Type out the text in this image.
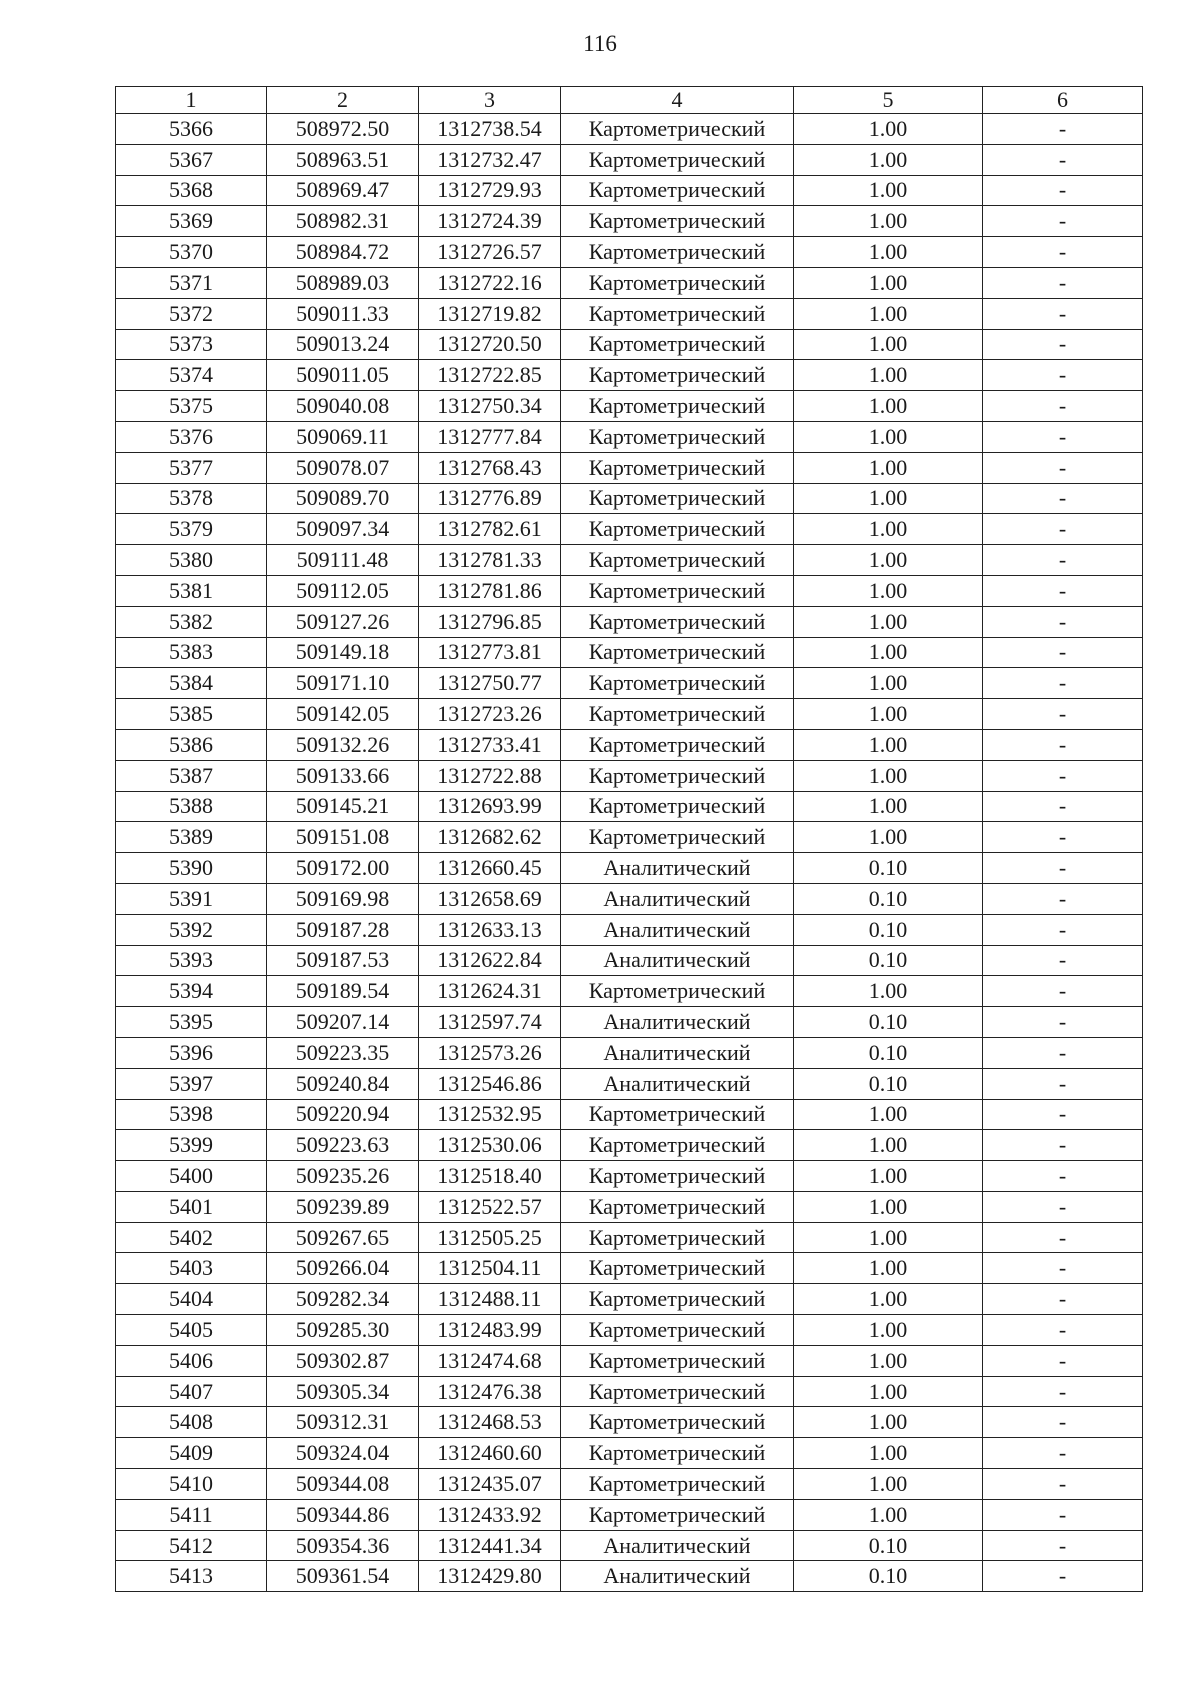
116
1	2	3	4	5	6
5366	508972.50	1312738.54	Картометрический	1.00	-
5367	508963.51	1312732.47	Картометрический	1.00	-
5368	508969.47	1312729.93	Картометрический	1.00	-
5369	508982.31	1312724.39	Картометрический	1.00	-
5370	508984.72	1312726.57	Картометрический	1.00	-
5371	508989.03	1312722.16	Картометрический	1.00	-
5372	509011.33	1312719.82	Картометрический	1.00	-
5373	509013.24	1312720.50	Картометрический	1.00	-
5374	509011.05	1312722.85	Картометрический	1.00	-
5375	509040.08	1312750.34	Картометрический	1.00	-
5376	509069.11	1312777.84	Картометрический	1.00	-
5377	509078.07	1312768.43	Картометрический	1.00	-
5378	509089.70	1312776.89	Картометрический	1.00	-
5379	509097.34	1312782.61	Картометрический	1.00	-
5380	509111.48	1312781.33	Картометрический	1.00	-
5381	509112.05	1312781.86	Картометрический	1.00	-
5382	509127.26	1312796.85	Картометрический	1.00	-
5383	509149.18	1312773.81	Картометрический	1.00	-
5384	509171.10	1312750.77	Картометрический	1.00	-
5385	509142.05	1312723.26	Картометрический	1.00	-
5386	509132.26	1312733.41	Картометрический	1.00	-
5387	509133.66	1312722.88	Картометрический	1.00	-
5388	509145.21	1312693.99	Картометрический	1.00	-
5389	509151.08	1312682.62	Картометрический	1.00	-
5390	509172.00	1312660.45	Аналитический	0.10	-
5391	509169.98	1312658.69	Аналитический	0.10	-
5392	509187.28	1312633.13	Аналитический	0.10	-
5393	509187.53	1312622.84	Аналитический	0.10	-
5394	509189.54	1312624.31	Картометрический	1.00	-
5395	509207.14	1312597.74	Аналитический	0.10	-
5396	509223.35	1312573.26	Аналитический	0.10	-
5397	509240.84	1312546.86	Аналитический	0.10	-
5398	509220.94	1312532.95	Картометрический	1.00	-
5399	509223.63	1312530.06	Картометрический	1.00	-
5400	509235.26	1312518.40	Картометрический	1.00	-
5401	509239.89	1312522.57	Картометрический	1.00	-
5402	509267.65	1312505.25	Картометрический	1.00	-
5403	509266.04	1312504.11	Картометрический	1.00	-
5404	509282.34	1312488.11	Картометрический	1.00	-
5405	509285.30	1312483.99	Картометрический	1.00	-
5406	509302.87	1312474.68	Картометрический	1.00	-
5407	509305.34	1312476.38	Картометрический	1.00	-
5408	509312.31	1312468.53	Картометрический	1.00	-
5409	509324.04	1312460.60	Картометрический	1.00	-
5410	509344.08	1312435.07	Картометрический	1.00	-
5411	509344.86	1312433.92	Картометрический	1.00	-
5412	509354.36	1312441.34	Аналитический	0.10	-
5413	509361.54	1312429.80	Аналитический	0.10	-
